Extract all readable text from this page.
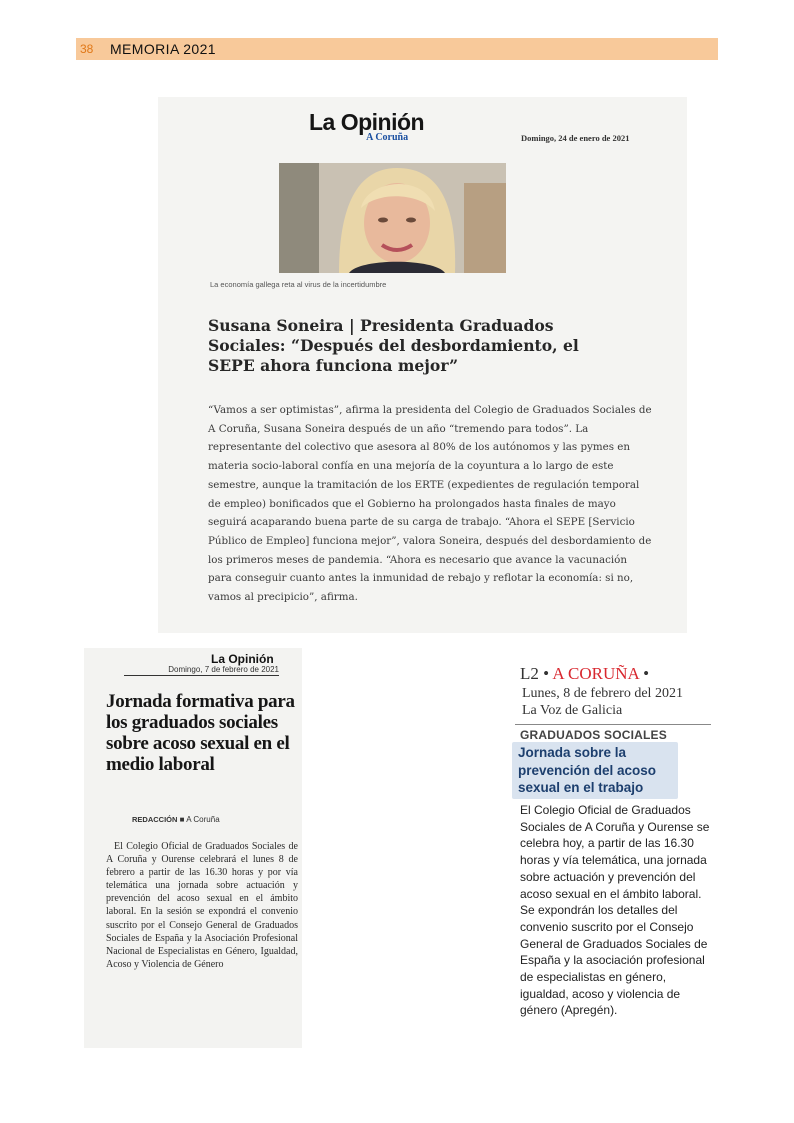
38	MEMORIA 2021
La Opinión
A Coruña	Domingo, 24 de enero de 2021
La economía gallega reta al virus de la incertidumbre
Susana Soneira | Presidenta Graduados Sociales: “Después del desbordamiento, el SEPE ahora funciona mejor”
“Vamos a ser optimistas”, afirma la presidenta del Colegio de Graduados Sociales de A Coruña, Susana Soneira después de un año “tremendo para todos”. La representante del colectivo que asesora al 80% de los autónomos y las pymes en materia socio-laboral confía en una mejoría de la coyuntura a lo largo de este semestre, aunque la tramitación de los ERTE (expedientes de regulación temporal de empleo) bonificados que el Gobierno ha prolongados hasta finales de mayo seguirá acaparando buena parte de su carga de trabajo. “Ahora el SEPE [Servicio Público de Empleo] funciona mejor”, valora Soneira, después del desbordamiento de los primeros meses de pandemia. “Ahora es necesario que avance la vacunación para conseguir cuanto antes la inmunidad de rebajo y reflotar la economía: si no, vamos al precipicio”, afirma.
La Opinión
Domingo, 7 de febrero de 2021
Jornada formativa para los graduados sociales sobre acoso sexual en el medio laboral
REDACCIÓN ■ A Coruña
El Colegio Oficial de Graduados Sociales de A Coruña y Ourense celebrará el lunes 8 de febrero a partir de las 16.30 horas y por vía telemática una jornada sobre actuación y prevención del acoso sexual en el ámbito laboral. En la sesión se expondrá el convenio suscrito por el Consejo General de Graduados Sociales de España y la Asociación Profesional Nacional de Especialistas en Género, Igualdad, Acoso y Violencia de Género
L2 • A CORUÑA •
Lunes, 8 de febrero del 2021
La Voz de Galicia
GRADUADOS SOCIALES
Jornada sobre la prevención del acoso sexual en el trabajo
El Colegio Oficial de Graduados Sociales de A Coruña y Ourense se celebra hoy, a partir de las 16.30 horas y vía telemática, una jornada sobre actuación y prevención del acoso sexual en el ámbito laboral. Se expondrán los detalles del convenio suscrito por el Consejo General de Graduados Sociales de España y la asociación profesional de especialistas en género, igualdad, acoso y violencia de género (Apregén).
